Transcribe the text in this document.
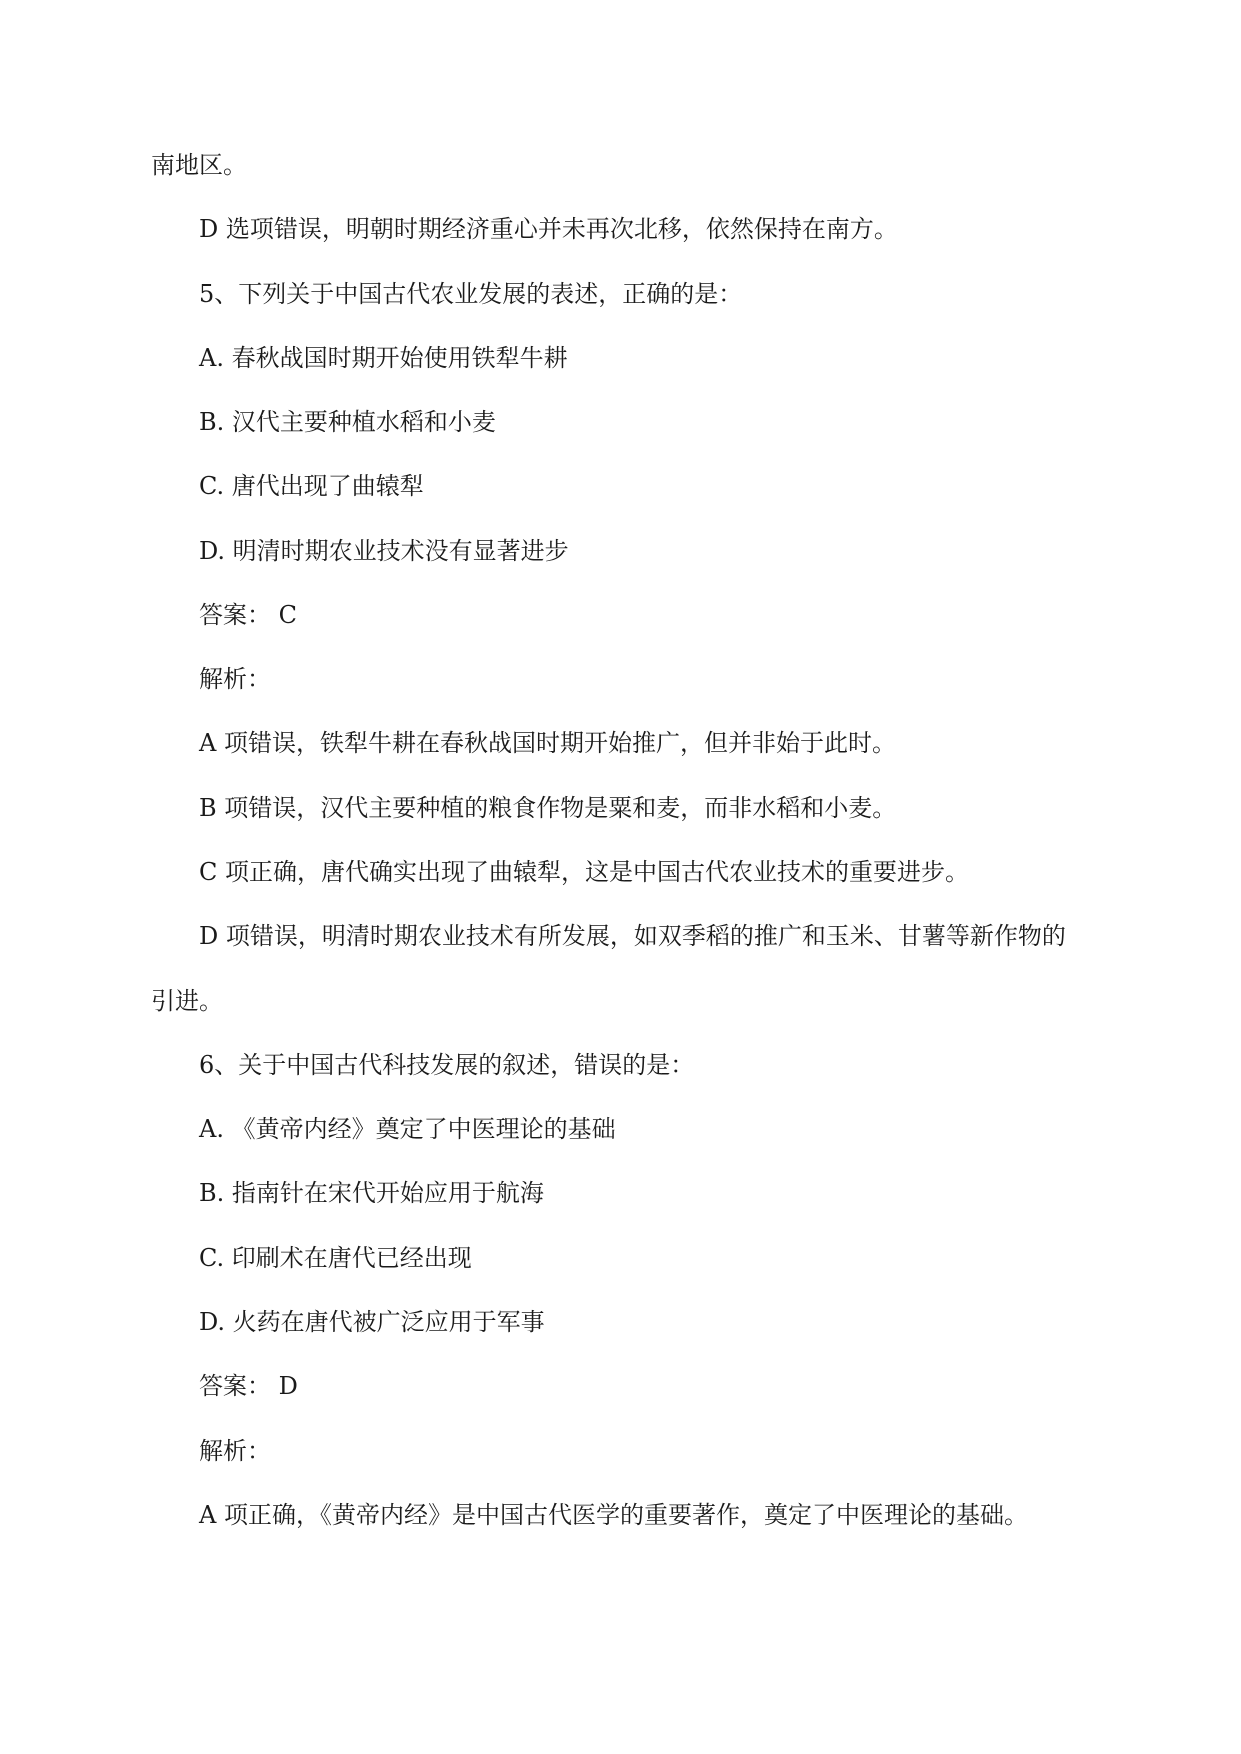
南地区。
D 选项错误，明朝时期经济重心并未再次北移，依然保持在南方。
5、下列关于中国古代农业发展的表述，正确的是：
A. 春秋战国时期开始使用铁犁牛耕
B. 汉代主要种植水稻和小麦
C. 唐代出现了曲辕犁
D. 明清时期农业技术没有显著进步
答案： C
解析：
A 项错误，铁犁牛耕在春秋战国时期开始推广，但并非始于此时。
B 项错误，汉代主要种植的粮食作物是粟和麦，而非水稻和小麦。
C 项正确，唐代确实出现了曲辕犁，这是中国古代农业技术的重要进步。
D 项错误，明清时期农业技术有所发展，如双季稻的推广和玉米、甘薯等新作物的
引进。
6、关于中国古代科技发展的叙述，错误的是：
A. 《黄帝内经》奠定了中医理论的基础
B. 指南针在宋代开始应用于航海
C. 印刷术在唐代已经出现
D. 火药在唐代被广泛应用于军事
答案： D
解析：
A 项正确，《黄帝内经》是中国古代医学的重要著作，奠定了中医理论的基础。
